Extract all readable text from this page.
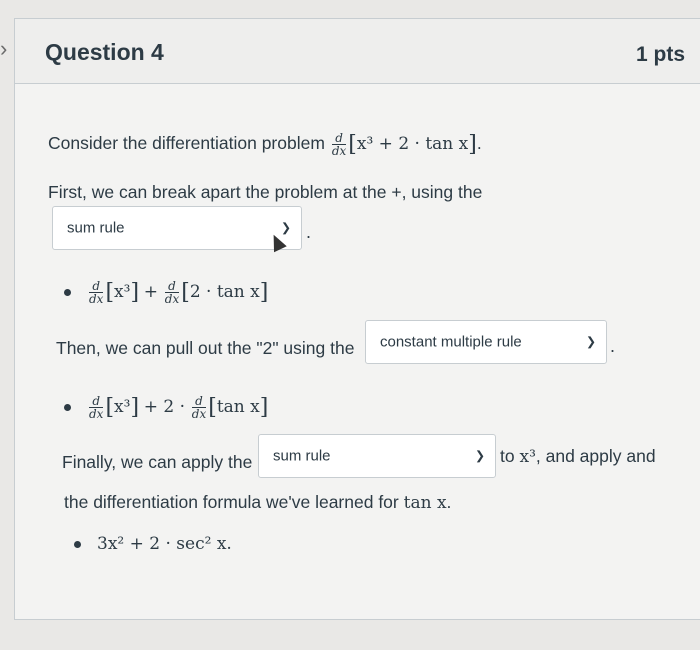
› Question 4	1 pts
Consider the differentiation problem $\frac{d}{dx} [x^3 + 2 \cdot \tan x]$.
First, we can break apart the problem at the +, using the
sum rule	❯ .
$\frac{d}{dx} [x^3] + \frac{d}{dx} [2 \cdot \tan x]$
Then, we can pull out the "2" using the constant multiple rule	❯ .
$\frac{d}{dx} [x^3] + 2 \cdot \frac{d}{dx} [\tan$ x]
Finally, we can apply the sum rule	❯ to x³, and apply and
the differentiation formula we've learned for tan x.
3x² + 2 · sec² x.
